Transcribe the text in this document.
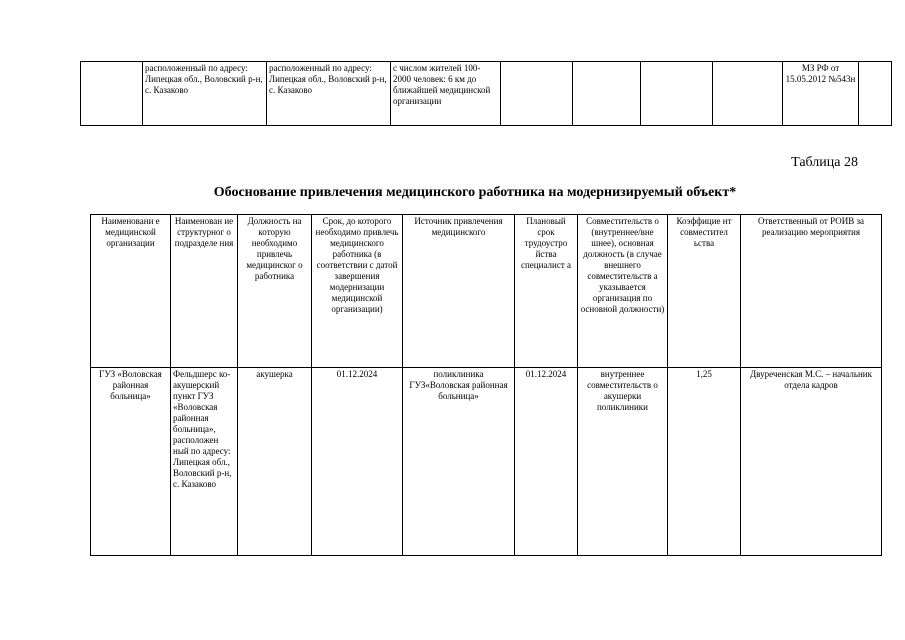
	расположенный по адресу: Липецкая обл., Воловский р-н, с. Казаково	расположенный по адресу: Липецкая обл., Воловский р-н, с. Казаково	с числом жителей 100-2000 человек: 6 км до ближайшей медицинской организации					МЗ РФ от 15.05.2012 №543н	
Таблица 28
Обоснование привлечения медицинского работника на модернизируемый объект*
Наименовани е медицинской организации	Наименован ие структурног о подразделе ния	Должность на которую необходимо привлечь медицинског о работника	Срок, до которого необходимо привлечь медицинского работника (в соответствии с датой завершения модернизации медицинской организации)	Источник привлечения медицинского	Плановый срок трудоустро йства специалист а	Совместительств о (внутреннее/вне шнее), основная должность (в случае внешнего совместительств а указывается организация по основной должности)	Коэффицие нт совместител ьства	Ответственный от РОИВ за реализацию мероприятия
ГУЗ «Воловская районная больница»	Фельдшерс ко-акушерский пункт ГУЗ «Воловская районная больница», расположен ный по адресу: Липецкая обл., Воловский р-н, с. Казаково	акушерка	01.12.2024	поликлиника ГУЗ«Воловская районная больница»	01.12.2024	внутреннее совместительств о акушерки поликлиники	1,25	Двуреченская М.С. – начальник отдела кадров
